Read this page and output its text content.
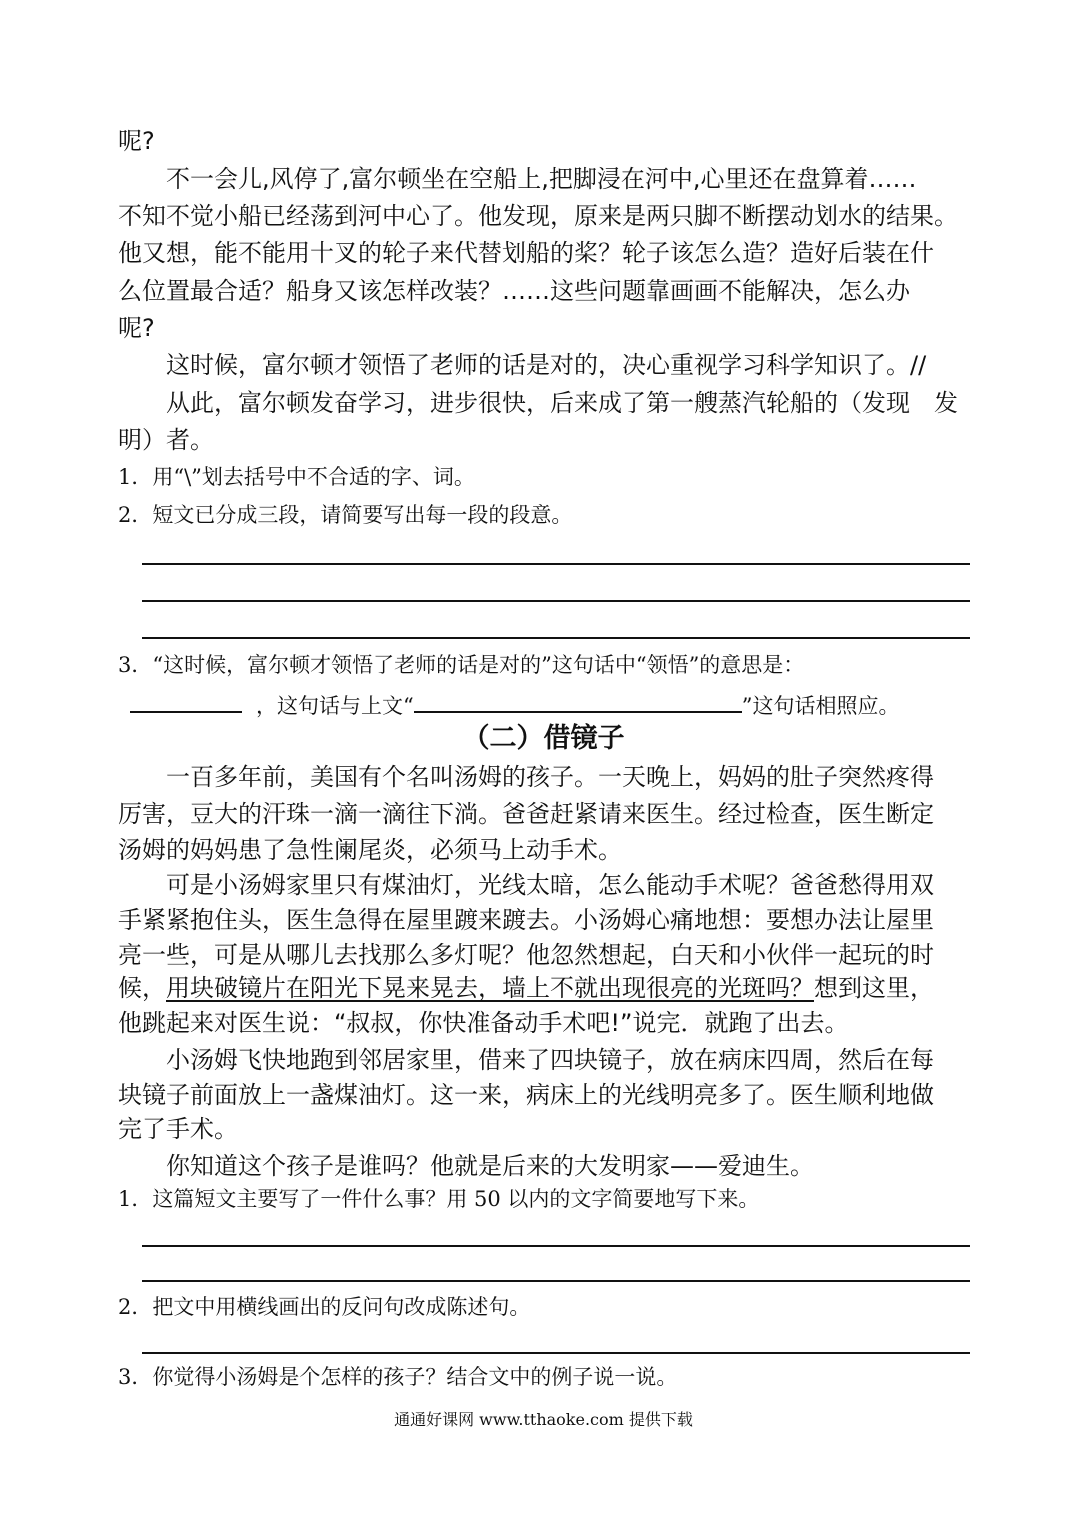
呢?
不一会儿,风停了,富尔顿坐在空船上,把脚浸在河中,心里还在盘算着……
不知不觉小船已经荡到河中心了。他发现，原来是两只脚不断摆动划水的结果。
他又想，能不能用十叉的轮子来代替划船的桨？轮子该怎么造？造好后装在什
么位置最合适？船身又该怎样改装？……这些问题靠画画不能解决，怎么办
呢?
这时候，富尔顿才领悟了老师的话是对的，决心重视学习科学知识了。//
从此，富尔顿发奋学习，进步很快，后来成了第一艘蒸汽轮船的（发现　发
明）者。
1．用“\”划去括号中不合适的字、词。
2．短文已分成三段，请简要写出每一段的段意。
3．“这时候，富尔顿才领悟了老师的话是对的”这句话中“领悟”的意思是：
，这句话与上文“	”这句话相照应。
（二）借镜子
一百多年前，美国有个名叫汤姆的孩子。一天晚上，妈妈的肚子突然疼得
厉害，豆大的汗珠一滴一滴往下淌。爸爸赶紧请来医生。经过检查，医生断定
汤姆的妈妈患了急性阑尾炎，必须马上动手术。
可是小汤姆家里只有煤油灯，光线太暗，怎么能动手术呢？爸爸愁得用双
手紧紧抱住头，医生急得在屋里踱来踱去。小汤姆心痛地想：要想办法让屋里
亮一些，可是从哪儿去找那么多灯呢？他忽然想起，白天和小伙伴一起玩的时
候，用块破镜片在阳光下晃来晃去，墙上不就出现很亮的光斑吗？想到这里，
他跳起来对医生说：“叔叔，你快准备动手术吧!”说完．就跑了出去。
小汤姆飞快地跑到邻居家里，借来了四块镜子，放在病床四周，然后在每
块镜子前面放上一盏煤油灯。这一来，病床上的光线明亮多了。医生顺利地做
完了手术。
你知道这个孩子是谁吗？他就是后来的大发明家——爱迪生。
1．这篇短文主要写了一件什么事？用 50 以内的文字简要地写下来。
2．把文中用横线画出的反问句改成陈述句。
3．你觉得小汤姆是个怎样的孩子？结合文中的例子说一说。
通通好课网 www.tthaoke.com 提供下载
